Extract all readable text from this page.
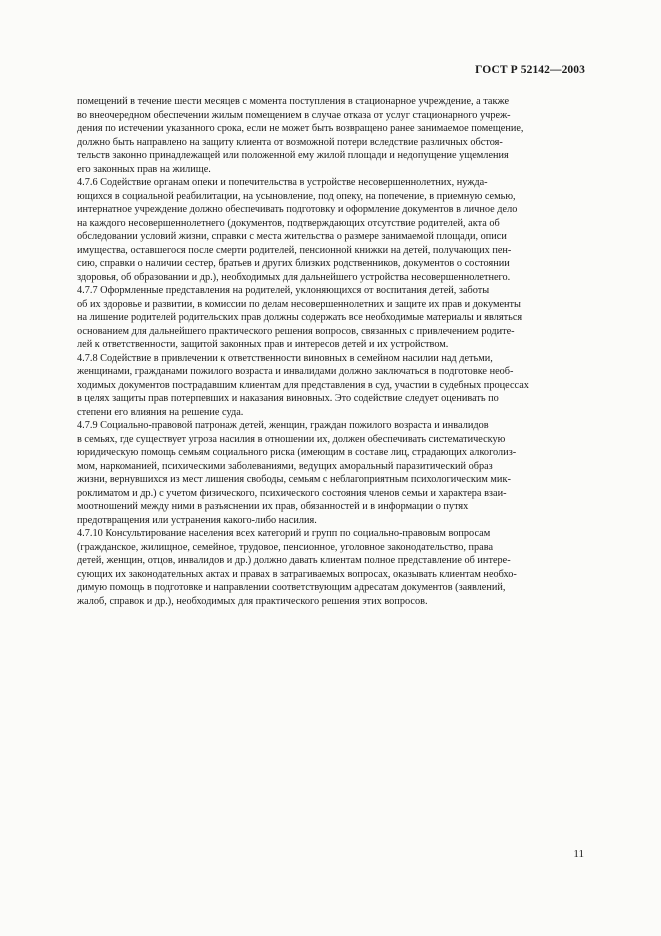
ГОСТ Р 52142—2003

помещений в течение шести месяцев с момента поступления в стационарное учреждение, а также
во внеочередном обеспечении жилым помещением в случае отказа от услуг стационарного учреж-
дения по истечении указанного срока, если не может быть возвращено ранее занимаемое помещение,
должно быть направлено на защиту клиента от возможной потери вследствие различных обстоя-
тельств законно принадлежащей или положенной ему жилой площади и недопущение ущемления
его законных прав на жилище.

4.7.6 Содействие органам опеки и попечительства в устройстве несовершеннолетних, нужда-
ющихся в социальной реабилитации, на усыновление, под опеку, на попечение, в приемную семью,
интернатное учреждение должно обеспечивать подготовку и оформление документов в личное дело
на каждого несовершеннолетнего (документов, подтверждающих отсутствие родителей, акта об
обследовании условий жизни, справки с места жительства о размере занимаемой площади, описи
имущества, оставшегося после смерти родителей, пенсионной книжки на детей, получающих пен-
сию, справки о наличии сестер, братьев и других близких родственников, документов о состоянии
здоровья, об образовании и др.), необходимых для дальнейшего устройства несовершеннолетнего.

4.7.7 Оформленные представления на родителей, уклоняющихся от воспитания детей, заботы
об их здоровье и развитии, в комиссии по делам несовершеннолетних и защите их прав и документы
на лишение родителей родительских прав должны содержать все необходимые материалы и являться
основанием для дальнейшего практического решения вопросов, связанных с привлечением родите-
лей к ответственности, защитой законных прав и интересов детей и их устройством.

4.7.8 Содействие в привлечении к ответственности виновных в семейном насилии над детьми,
женщинами, гражданами пожилого возраста и инвалидами должно заключаться в подготовке необ-
ходимых документов пострадавшим клиентам для представления в суд, участии в судебных процессах
в целях защиты прав потерпевших и наказания виновных. Это содействие следует оценивать по
степени его влияния на решение суда.

4.7.9 Социально-правовой патронаж детей, женщин, граждан пожилого возраста и инвалидов
в семьях, где существует угроза насилия в отношении их, должен обеспечивать систематическую
юридическую помощь семьям социального риска (имеющим в составе лиц, страдающих алкоголиз-
мом, наркоманией, психическими заболеваниями, ведущих аморальный паразитический образ
жизни, вернувшихся из мест лишения свободы, семьям с неблагоприятным психологическим мик-
роклиматом и др.) с учетом физического, психического состояния членов семьи и характера взаи-
моотношений между ними в разъяснении их прав, обязанностей и в информации о путях
предотвращения или устранения какого-либо насилия.

4.7.10 Консультирование населения всех категорий и групп по социально-правовым вопросам
(гражданское, жилищное, семейное, трудовое, пенсионное, уголовное законодательство, права
детей, женщин, отцов, инвалидов и др.) должно давать клиентам полное представление об интере-
сующих их законодательных актах и правах в затрагиваемых вопросах, оказывать клиентам необхо-
димую помощь в подготовке и направлении соответствующим адресатам документов (заявлений,
жалоб, справок и др.), необходимых для практического решения этих вопросов.

11
